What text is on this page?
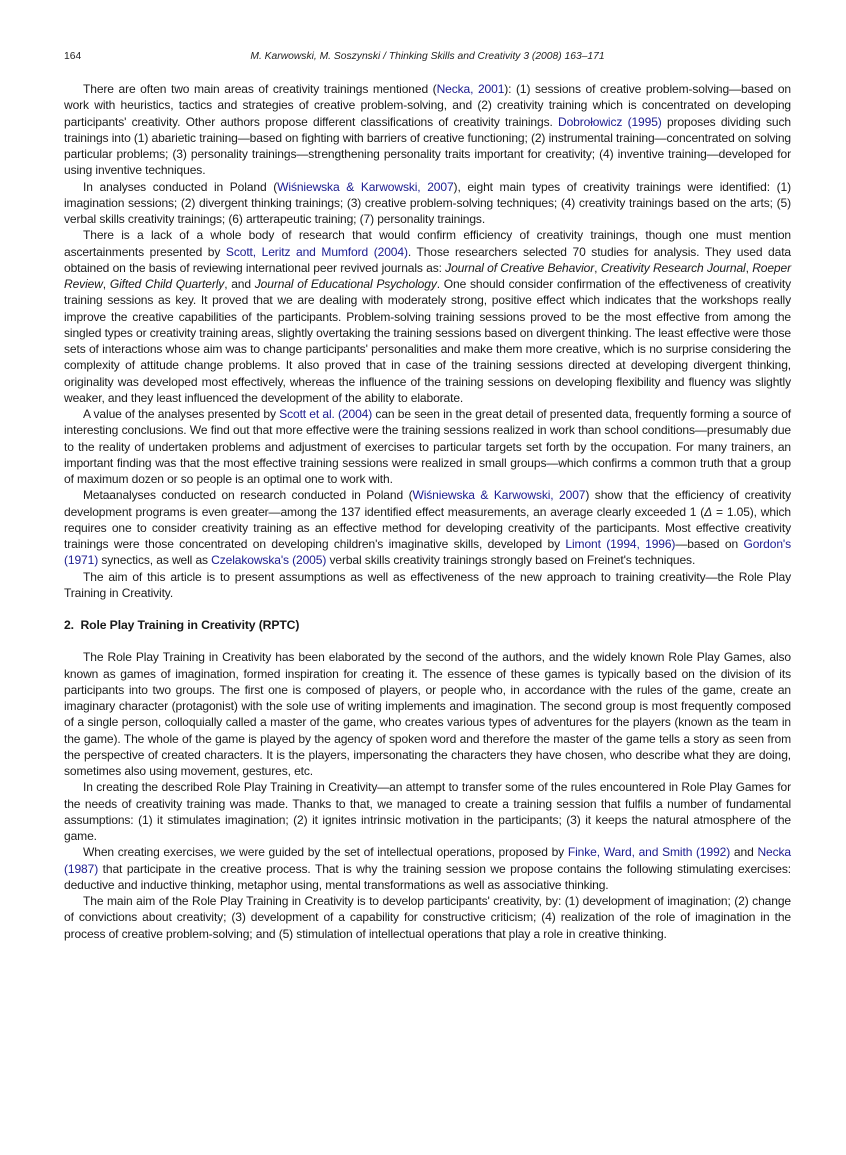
164	M. Karwowski, M. Soszynski / Thinking Skills and Creativity 3 (2008) 163–171

There are often two main areas of creativity trainings mentioned (Necka, 2001): (1) sessions of creative problem-solving—based on work with heuristics, tactics and strategies of creative problem-solving, and (2) creativity training which is concentrated on developing participants' creativity. Other authors propose different classifications of creativity trainings. Dobrołowicz (1995) proposes dividing such trainings into (1) abarietic training—based on fighting with barriers of creative functioning; (2) instrumental training—concentrated on solving particular problems; (3) personality trainings—strengthening personality traits important for creativity; (4) inventive training—developed for using inventive techniques.

In analyses conducted in Poland (Wiśniewska & Karwowski, 2007), eight main types of creativity trainings were identified: (1) imagination sessions; (2) divergent thinking trainings; (3) creative problem-solving techniques; (4) creativity trainings based on the arts; (5) verbal skills creativity trainings; (6) artterapeutic training; (7) personality trainings.

There is a lack of a whole body of research that would confirm efficiency of creativity trainings, though one must mention ascertainments presented by Scott, Leritz and Mumford (2004). Those researchers selected 70 studies for analysis. They used data obtained on the basis of reviewing international peer revived journals as: Journal of Creative Behavior, Creativity Research Journal, Roeper Review, Gifted Child Quarterly, and Journal of Educational Psychology. One should consider confirmation of the effectiveness of creativity training sessions as key. It proved that we are dealing with moderately strong, positive effect which indicates that the workshops really improve the creative capabilities of the participants. Problem-solving training sessions proved to be the most effective from among the singled types or creativity training areas, slightly overtaking the training sessions based on divergent thinking. The least effective were those sets of interactions whose aim was to change participants' personalities and make them more creative, which is no surprise considering the complexity of attitude change problems. It also proved that in case of the training sessions directed at developing divergent thinking, originality was developed most effectively, whereas the influence of the training sessions on developing flexibility and fluency was slightly weaker, and they least influenced the development of the ability to elaborate.

A value of the analyses presented by Scott et al. (2004) can be seen in the great detail of presented data, frequently forming a source of interesting conclusions. We find out that more effective were the training sessions realized in work than school conditions—presumably due to the reality of undertaken problems and adjustment of exercises to particular targets set forth by the occupation. For many trainers, an important finding was that the most effective training sessions were realized in small groups—which confirms a common truth that a group of maximum dozen or so people is an optimal one to work with.

Metaanalyses conducted on research conducted in Poland (Wiśniewska & Karwowski, 2007) show that the efficiency of creativity development programs is even greater—among the 137 identified effect measurements, an average clearly exceeded 1 (Δ = 1.05), which requires one to consider creativity training as an effective method for developing creativity of the participants. Most effective creativity trainings were those concentrated on developing children's imaginative skills, developed by Limont (1994, 1996)—based on Gordon's (1971) synectics, as well as Czelakowska's (2005) verbal skills creativity trainings strongly based on Freinet's techniques.

The aim of this article is to present assumptions as well as effectiveness of the new approach to training creativity—the Role Play Training in Creativity.

2. Role Play Training in Creativity (RPTC)

The Role Play Training in Creativity has been elaborated by the second of the authors, and the widely known Role Play Games, also known as games of imagination, formed inspiration for creating it. The essence of these games is typically based on the division of its participants into two groups. The first one is composed of players, or people who, in accordance with the rules of the game, create an imaginary character (protagonist) with the sole use of writing implements and imagination. The second group is most frequently composed of a single person, colloquially called a master of the game, who creates various types of adventures for the players (known as the team in the game). The whole of the game is played by the agency of spoken word and therefore the master of the game tells a story as seen from the perspective of created characters. It is the players, impersonating the characters they have chosen, who describe what they are doing, sometimes also using movement, gestures, etc.

In creating the described Role Play Training in Creativity—an attempt to transfer some of the rules encountered in Role Play Games for the needs of creativity training was made. Thanks to that, we managed to create a training session that fulfils a number of fundamental assumptions: (1) it stimulates imagination; (2) it ignites intrinsic motivation in the participants; (3) it keeps the natural atmosphere of the game.

When creating exercises, we were guided by the set of intellectual operations, proposed by Finke, Ward, and Smith (1992) and Necka (1987) that participate in the creative process. That is why the training session we propose contains the following stimulating exercises: deductive and inductive thinking, metaphor using, mental transformations as well as associative thinking.

The main aim of the Role Play Training in Creativity is to develop participants' creativity, by: (1) development of imagination; (2) change of convictions about creativity; (3) development of a capability for constructive criticism; (4) realization of the role of imagination in the process of creative problem-solving; and (5) stimulation of intellectual operations that play a role in creative thinking.
